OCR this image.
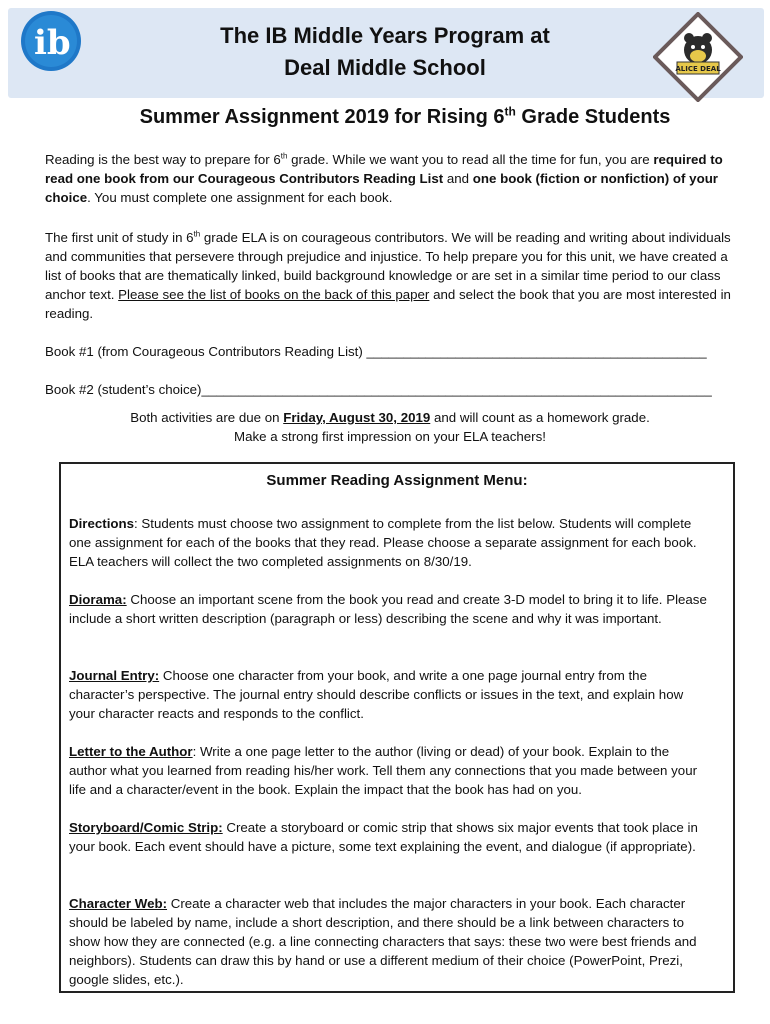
ib
ALICE DEAL
The IB Middle Years Program at
Deal Middle School
Summer Assignment 2019 for Rising 6th Grade Students
Reading is the best way to prepare for 6th grade. While we want you to read all the time for fun, you are required to read one book from our Courageous Contributors Reading List and one book (fiction or nonfiction) of your choice. You must complete one assignment for each book.
The first unit of study in 6th grade ELA is on courageous contributors. We will be reading and writing about individuals and communities that persevere through prejudice and injustice. To help prepare you for this unit, we have created a list of books that are thematically linked, build background knowledge or are set in a similar time period to our class anchor text. Please see the list of books on the back of this paper and select the book that you are most interested in reading.
Book #1 (from Courageous Contributors Reading List) ______________________________________________
Book #2 (student’s choice)_____________________________________________________________________
Both activities are due on Friday, August 30, 2019 and will count as a homework grade.
Make a strong first impression on your ELA teachers!
Summer Reading Assignment Menu:
Directions: Students must choose two assignment to complete from the list below. Students will complete one assignment for each of the books that they read. Please choose a separate assignment for each book. ELA teachers will collect the two completed assignments on 8/30/19.
Diorama: Choose an important scene from the book you read and create 3-D model to bring it to life. Please include a short written description (paragraph or less) describing the scene and why it was important.
Journal Entry: Choose one character from your book, and write a one page journal entry from the character’s perspective. The journal entry should describe conflicts or issues in the text, and explain how your character reacts and responds to the conflict.
Letter to the Author: Write a one page letter to the author (living or dead) of your book. Explain to the author what you learned from reading his/her work. Tell them any connections that you made between your life and a character/event in the book. Explain the impact that the book has had on you.
Storyboard/Comic Strip: Create a storyboard or comic strip that shows six major events that took place in your book. Each event should have a picture, some text explaining the event, and dialogue (if appropriate).
Character Web: Create a character web that includes the major characters in your book. Each character should be labeled by name, include a short description, and there should be a link between characters to show how they are connected (e.g. a line connecting characters that says: these two were best friends and neighbors). Students can draw this by hand or use a different medium of their choice (PowerPoint, Prezi, google slides, etc.).
